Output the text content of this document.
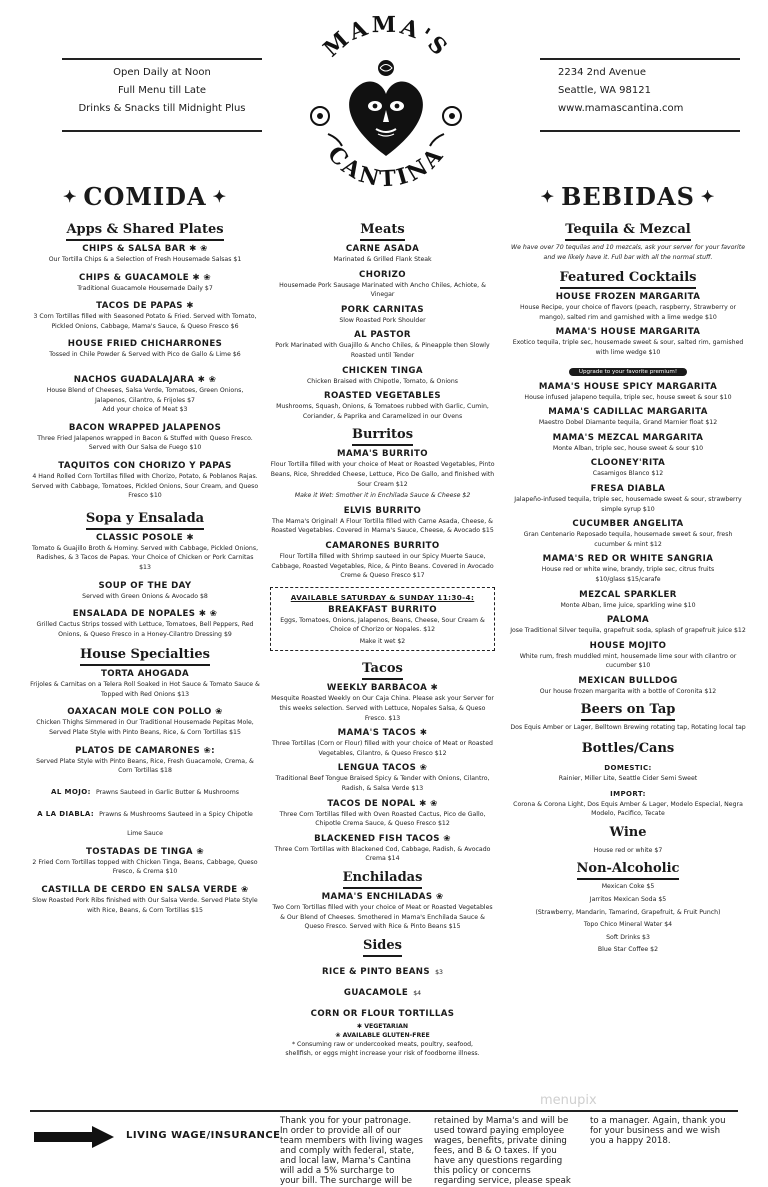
Open Daily at Noon
Full Menu till Late
Drinks & Snacks till Midnight Plus
2234 2nd Avenue
Seattle, WA 98121
www.mamascantina.com
MAMA'S
CANTINA
✦ COMIDA ✦
Apps & Shared Plates
CHIPS & SALSA BAR ✱ ❀
Our Tortilla Chips & a Selection of Fresh Housemade Salsas $1
CHIPS & GUACAMOLE ✱ ❀
Traditional Guacamole Housemade Daily $7
TACOS DE PAPAS ✱
3 Corn Tortillas filled with Seasoned Potato & Fried. Served with Tomato, Pickled Onions, Cabbage, Mama's Sauce, & Queso Fresco $6
HOUSE FRIED CHICHARRONES
Tossed in Chile Powder & Served with Pico de Gallo & Lime $6
NACHOS GUADALAJARA ✱ ❀
House Blend of Cheeses, Salsa Verde, Tomatoes, Green Onions, Jalapenos, Cilantro, & Frijoles $7
Add your choice of Meat $3
BACON WRAPPED JALAPENOS
Three Fried Jalapenos wrapped in Bacon & Stuffed with Queso Fresco. Served with Our Salsa de Fuego $10
TAQUITOS CON CHORIZO Y PAPAS
4 Hand Rolled Corn Tortillas filled with Chorizo, Potato, & Poblanos Rajas. Served with Cabbage, Tomatoes, Pickled Onions, Sour Cream, and Queso Fresco $10
Sopa y Ensalada
CLASSIC POSOLE ✱
Tomato & Guajillo Broth & Hominy. Served with Cabbage, Pickled Onions, Radishes, & 3 Tacos de Papas. Your Choice of Chicken or Pork Carnitas $13
SOUP OF THE DAY
Served with Green Onions & Avocado $8
ENSALADA DE NOPALES ✱ ❀
Grilled Cactus Strips tossed with Lettuce, Tomatoes, Bell Peppers, Red Onions, & Queso Fresco in a Honey-Cilantro Dressing $9
House Specialties
TORTA AHOGADA
Frijoles & Carnitas on a Telera Roll Soaked in Hot Sauce & Tomato Sauce & Topped with Red Onions $13
OAXACAN MOLE CON POLLO ❀
Chicken Thighs Simmered in Our Traditional Housemade Pepitas Mole, Served Plate Style with Pinto Beans, Rice, & Corn Tortillas $15
PLATOS DE CAMARONES ❀:
Served Plate Style with Pinto Beans, Rice, Fresh Guacamole, Crema, & Corn Tortillas $18
AL MOJO: Prawns Sauteed in Garlic Butter & Mushrooms
A LA DIABLA: Prawns & Mushrooms Sauteed in a Spicy Chipotle Lime Sauce
TOSTADAS DE TINGA ❀
2 Fried Corn Tortillas topped with Chicken Tinga, Beans, Cabbage, Queso Fresco, & Crema $10
CASTILLA DE CERDO EN SALSA VERDE ❀
Slow Roasted Pork Ribs finished with Our Salsa Verde. Served Plate Style with Rice, Beans, & Corn Tortillas $15
Meats
CARNE ASADA
Marinated & Grilled Flank Steak
CHORIZO
Housemade Pork Sausage Marinated with Ancho Chiles, Achiote, & Vinegar
PORK CARNITAS
Slow Roasted Pork Shoulder
AL PASTOR
Pork Marinated with Guajillo & Ancho Chiles, & Pineapple then Slowly Roasted until Tender
CHICKEN TINGA
Chicken Braised with Chipotle, Tomato, & Onions
ROASTED VEGETABLES
Mushrooms, Squash, Onions, & Tomatoes rubbed with Garlic, Cumin, Coriander, & Paprika and Caramelized in our Ovens
Burritos
MAMA'S BURRITO
Flour Tortilla filled with your choice of Meat or Roasted Vegetables, Pinto Beans, Rice, Shredded Cheese, Lettuce, Pico De Gallo, and finished with Sour Cream $12
Make it Wet: Smother it in Enchilada Sauce & Cheese $2
ELVIS BURRITO
The Mama's Original! A Flour Tortilla filled with Carne Asada, Cheese, & Roasted Vegetables. Covered in Mama's Sauce, Cheese, & Avocado $15
CAMARONES BURRITO
Flour Tortilla filled with Shrimp sauteed in our Spicy Muerte Sauce, Cabbage, Roasted Vegetables, Rice, & Pinto Beans. Covered in Avocado Creme & Queso Fresco $17
AVAILABLE SATURDAY & SUNDAY 11:30-4:
BREAKFAST BURRITO
Eggs, Tomatoes, Onions, Jalapenos, Beans, Cheese, Sour Cream & Choice of Chorizo or Nopales. $12
Make it wet $2
Tacos
WEEKLY BARBACOA ✱
Mesquite Roasted Weekly on Our Caja China. Please ask your Server for this weeks selection. Served with Lettuce, Nopales Salsa, & Queso Fresco. $13
MAMA'S TACOS ✱
Three Tortillas (Corn or Flour) filled with your choice of Meat or Roasted Vegetables, Cilantro, & Queso Fresco $12
LENGUA TACOS ❀
Traditional Beef Tongue Braised Spicy & Tender with Onions, Cilantro, Radish, & Salsa Verde $13
TACOS DE NOPAL ✱ ❀
Three Corn Tortillas filled with Oven Roasted Cactus, Pico de Gallo, Chipotle Crema Sauce, & Queso Fresco $12
BLACKENED FISH TACOS ❀
Three Corn Tortillas with Blackened Cod, Cabbage, Radish, & Avocado Crema $14
Enchiladas
MAMA'S ENCHILADAS ❀
Two Corn Tortillas filled with your choice of Meat or Roasted Vegetables & Our Blend of Cheeses. Smothered in Mama's Enchilada Sauce & Queso Fresco. Served with Rice & Pinto Beans $15
Sides
RICE & PINTO BEANS $3
GUACAMOLE $4
CORN OR FLOUR TORTILLAS
✱ VEGETARIAN
❀ AVAILABLE GLUTEN-FREE
* Consuming raw or undercooked meats, poultry, seafood, shellfish, or eggs might increase your risk of foodborne illness.
✦ BEBIDAS ✦
Tequila & Mezcal
We have over 70 tequilas and 10 mezcals, ask your server for your favorite and we likely have it. Full bar with all the normal stuff.
Featured Cocktails
HOUSE FROZEN MARGARITA
House Recipe, your choice of flavors (peach, raspberry, Strawberry or mango), salted rim and garnished with a lime wedge $10
MAMA'S HOUSE MARGARITA
Exotico tequila, triple sec, housemade sweet & sour, salted rim, garnished with lime wedge $10
Upgrade to your favorite premium!
MAMA'S HOUSE SPICY MARGARITA
House infused jalapeno tequila, triple sec, house sweet & sour $10
MAMA'S CADILLAC MARGARITA
Maestro Dobel Diamante tequila, Grand Marnier float $12
MAMA'S MEZCAL MARGARITA
Monte Alban, triple sec, house sweet & sour $10
CLOONEY'RITA
Casamigos Blanco $12
FRESA DIABLA
Jalapeño-infused tequila, triple sec, housemade sweet & sour, strawberry simple syrup $10
CUCUMBER ANGELITA
Gran Centenario Reposado tequila, housemade sweet & sour, fresh cucumber & mint $12
MAMA'S RED OR WHITE SANGRIA
House red or white wine, brandy, triple sec, citrus fruits
$10/glass $15/carafe
MEZCAL SPARKLER
Monte Alban, lime juice, sparkling wine $10
PALOMA
Jose Traditional Silver tequila, grapefruit soda, splash of grapefruit juice $12
HOUSE MOJITO
White rum, fresh muddled mint, housemade lime sour with cilantro or cucumber $10
MEXICAN BULLDOG
Our house frozen margarita with a bottle of Coronita $12
Beers on Tap
Dos Equis Amber or Lager, Belltown Brewing rotating tap, Rotating local tap
Bottles/Cans
DOMESTIC:
Rainier, Miller Lite, Seattle Cider Semi Sweet
IMPORT:
Corona & Corona Light, Dos Equis Amber & Lager, Modelo Especial, Negra Modelo, Pacifico, Tecate
Wine
House red or white $7
Non-Alcoholic
Mexican Coke $5
Jarritos Mexican Soda $5
(Strawberry, Mandarin, Tamarind, Grapefruit, & Fruit Punch)
Topo Chico Mineral Water $4
Soft Drinks $3
Blue Star Coffee $2
LIVING WAGE/INSURANCE
Thank you for your patronage.
In order to provide all of our
team members with living wages
and comply with federal, state,
and local law, Mama's Cantina
will add a 5% surcharge to
your bill. The surcharge will be
retained by Mama's and will be
used toward paying employee
wages, benefits, private dining
fees, and B & O taxes. If you
have any questions regarding
this policy or concerns
regarding service, please speak
to a manager. Again, thank you
for your business and we wish
you a happy 2018.
menupix
